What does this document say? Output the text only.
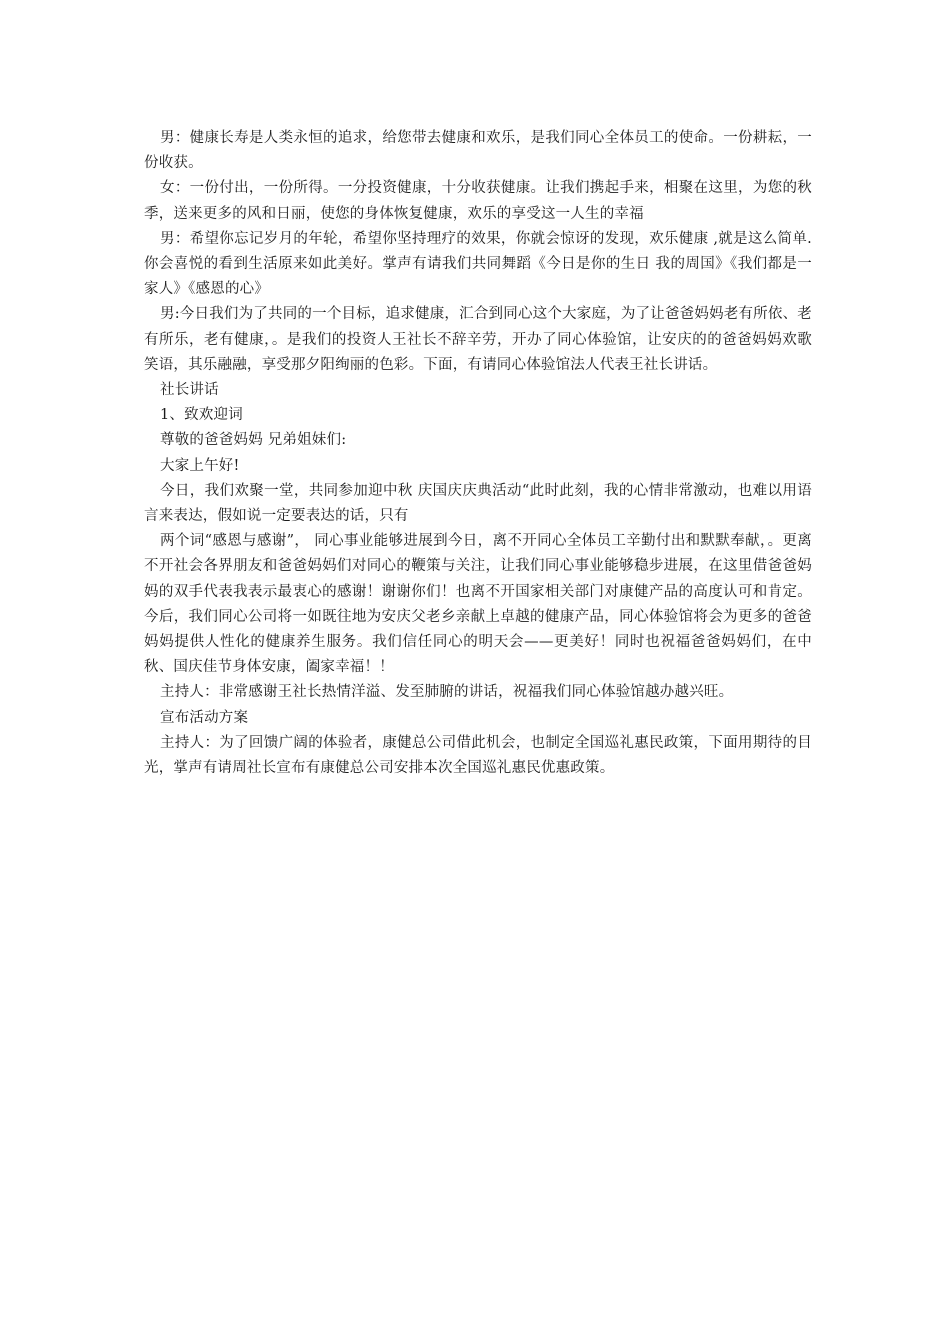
男：健康长寿是人类永恒的追求，给您带去健康和欢乐，是我们同心全体员工的使命。一份耕耘，一份收获。

女：一份付出，一份所得。一分投资健康，十分收获健康。让我们携起手来，相聚在这里，为您的秋季，送来更多的风和日丽，使您的身体恢复健康，欢乐的享受这一人生的幸福

男：希望你忘记岁月的年轮，希望你坚持理疗的效果，你就会惊讶的发现，欢乐健康 ,就是这么简单. 你会喜悦的看到生活原来如此美好。掌声有请我们共同舞蹈《今日是你的生日 我的周国》《我们都是一家人》《感恩的心》

男:今日我们为了共同的一个目标，追求健康，汇合到同心这个大家庭，为了让爸爸妈妈老有所依、老有所乐，老有健康，。是我们的投资人王社长不辞辛劳，开办了同心体验馆，让安庆的的爸爸妈妈欢歌笑语，其乐融融，享受那夕阳绚丽的色彩。下面，有请同心体验馆法人代表王社长讲话。

社长讲话

1、致欢迎词

尊敬的爸爸妈妈 兄弟姐妹们:

大家上午好!

今日，我们欢聚一堂，共同参加迎中秋 庆国庆庆典活动“此时此刻，我的心情非常激动，也难以用语言来表达，假如说一定要表达的话，只有

两个词“感恩与感谢”， 同心事业能够进展到今日，离不开同心全体员工辛勤付出和默默奉献，。更离不开社会各界朋友和爸爸妈妈们对同心的鞭策与关注，让我们同心事业能够稳步进展，在这里借爸爸妈妈的双手代表我表示最衷心的感谢！谢谢你们！也离不开国家相关部门对康健产品的高度认可和肯定。今后，我们同心公司将一如既往地为安庆父老乡亲献上卓越的健康产品，同心体验馆将会为更多的爸爸妈妈提供人性化的健康养生服务。我们信任同心的明天会——更美好！同时也祝福爸爸妈妈们，在中秋、国庆佳节身体安康，阖家幸福！！

主持人：非常感谢王社长热情洋溢、发至肺腑的讲话，祝福我们同心体验馆越办越兴旺。

宣布活动方案

主持人：为了回馈广阔的体验者，康健总公司借此机会，也制定全国巡礼惠民政策，下面用期待的目光，掌声有请周社长宣布有康健总公司安排本次全国巡礼惠民优惠政策。
